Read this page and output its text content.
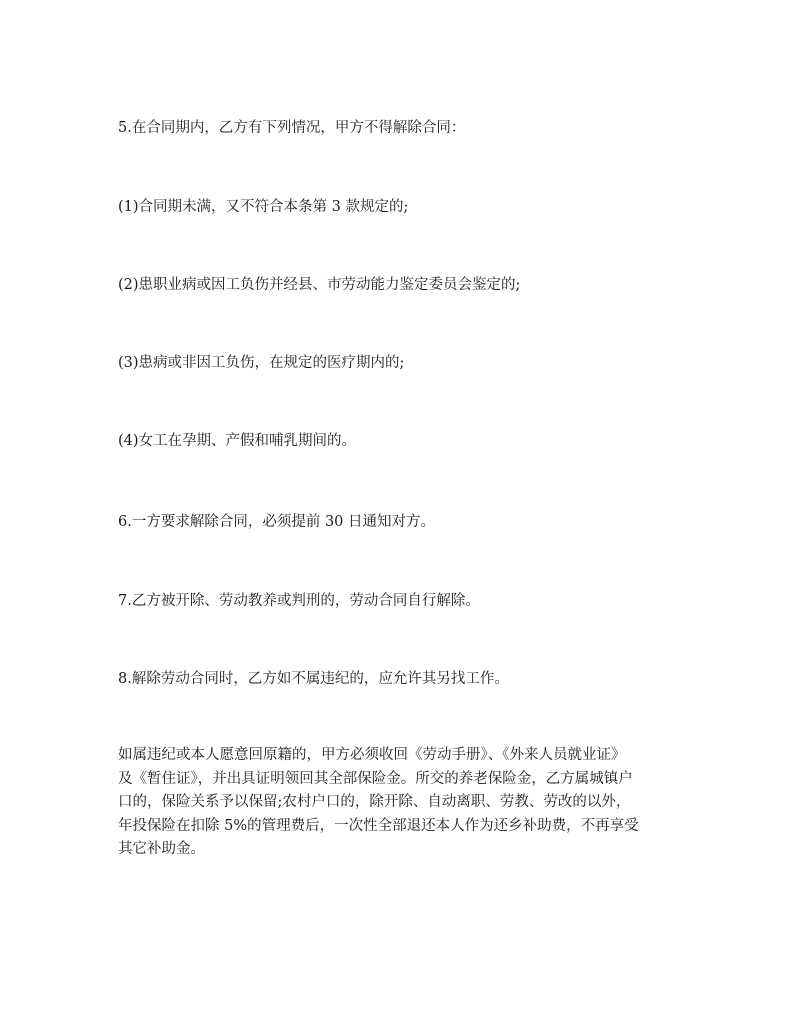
5.在合同期内，乙方有下列情况，甲方不得解除合同：

(1)合同期未满，又不符合本条第 3 款规定的;

(2)患职业病或因工负伤并经县、市劳动能力鉴定委员会鉴定的;

(3)患病或非因工负伤，在规定的医疗期内的;

(4)女工在孕期、产假和哺乳期间的。

6.一方要求解除合同，必须提前 30 日通知对方。

7.乙方被开除、劳动教养或判刑的，劳动合同自行解除。

8.解除劳动合同时，乙方如不属违纪的，应允许其另找工作。

如属违纪或本人愿意回原籍的，甲方必须收回《劳动手册》、《外来人员就业证》
及《暂住证》，并出具证明领回其全部保险金。所交的养老保险金，乙方属城镇户
口的，保险关系予以保留;农村户口的，除开除、自动离职、劳教、劳改的以外，
年投保险在扣除 5%的管理费后，一次性全部退还本人作为还乡补助费，不再享受
其它补助金。
